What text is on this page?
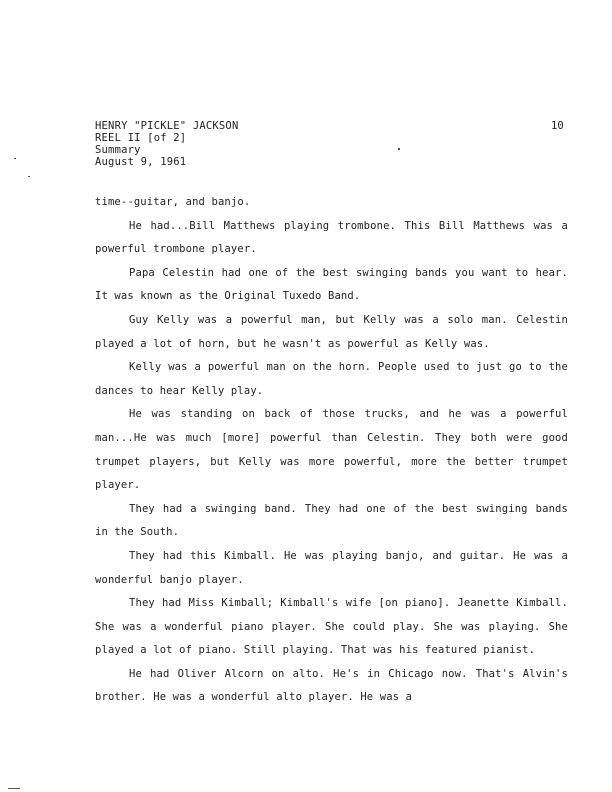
HENRY "PICKLE" JACKSON
REEL II [of 2]
Summary
August 9, 1961
10

time--guitar, and banjo.

He had...Bill Matthews playing trombone. This Bill Matthews was a powerful trombone player.

Papa Celestin had one of the best swinging bands you want to hear. It was known as the Original Tuxedo Band.

Guy Kelly was a powerful man, but Kelly was a solo man. Celestin played a lot of horn, but he wasn't as powerful as Kelly was.

Kelly was a powerful man on the horn. People used to just go to the dances to hear Kelly play.

He was standing on back of those trucks, and he was a powerful man...He was much [more] powerful than Celestin. They both were good trumpet players, but Kelly was more powerful, more the better trumpet player.

They had a swinging band. They had one of the best swinging bands in the South.

They had this Kimball. He was playing banjo, and guitar. He was a wonderful banjo player.

They had Miss Kimball; Kimball's wife [on piano]. Jeanette Kimball. She was a wonderful piano player. She could play. She was playing. She played a lot of piano. Still playing. That was his featured pianist.

He had Oliver Alcorn on alto. He's in Chicago now. That's Alvin's brother. He was a wonderful alto player. He was a
